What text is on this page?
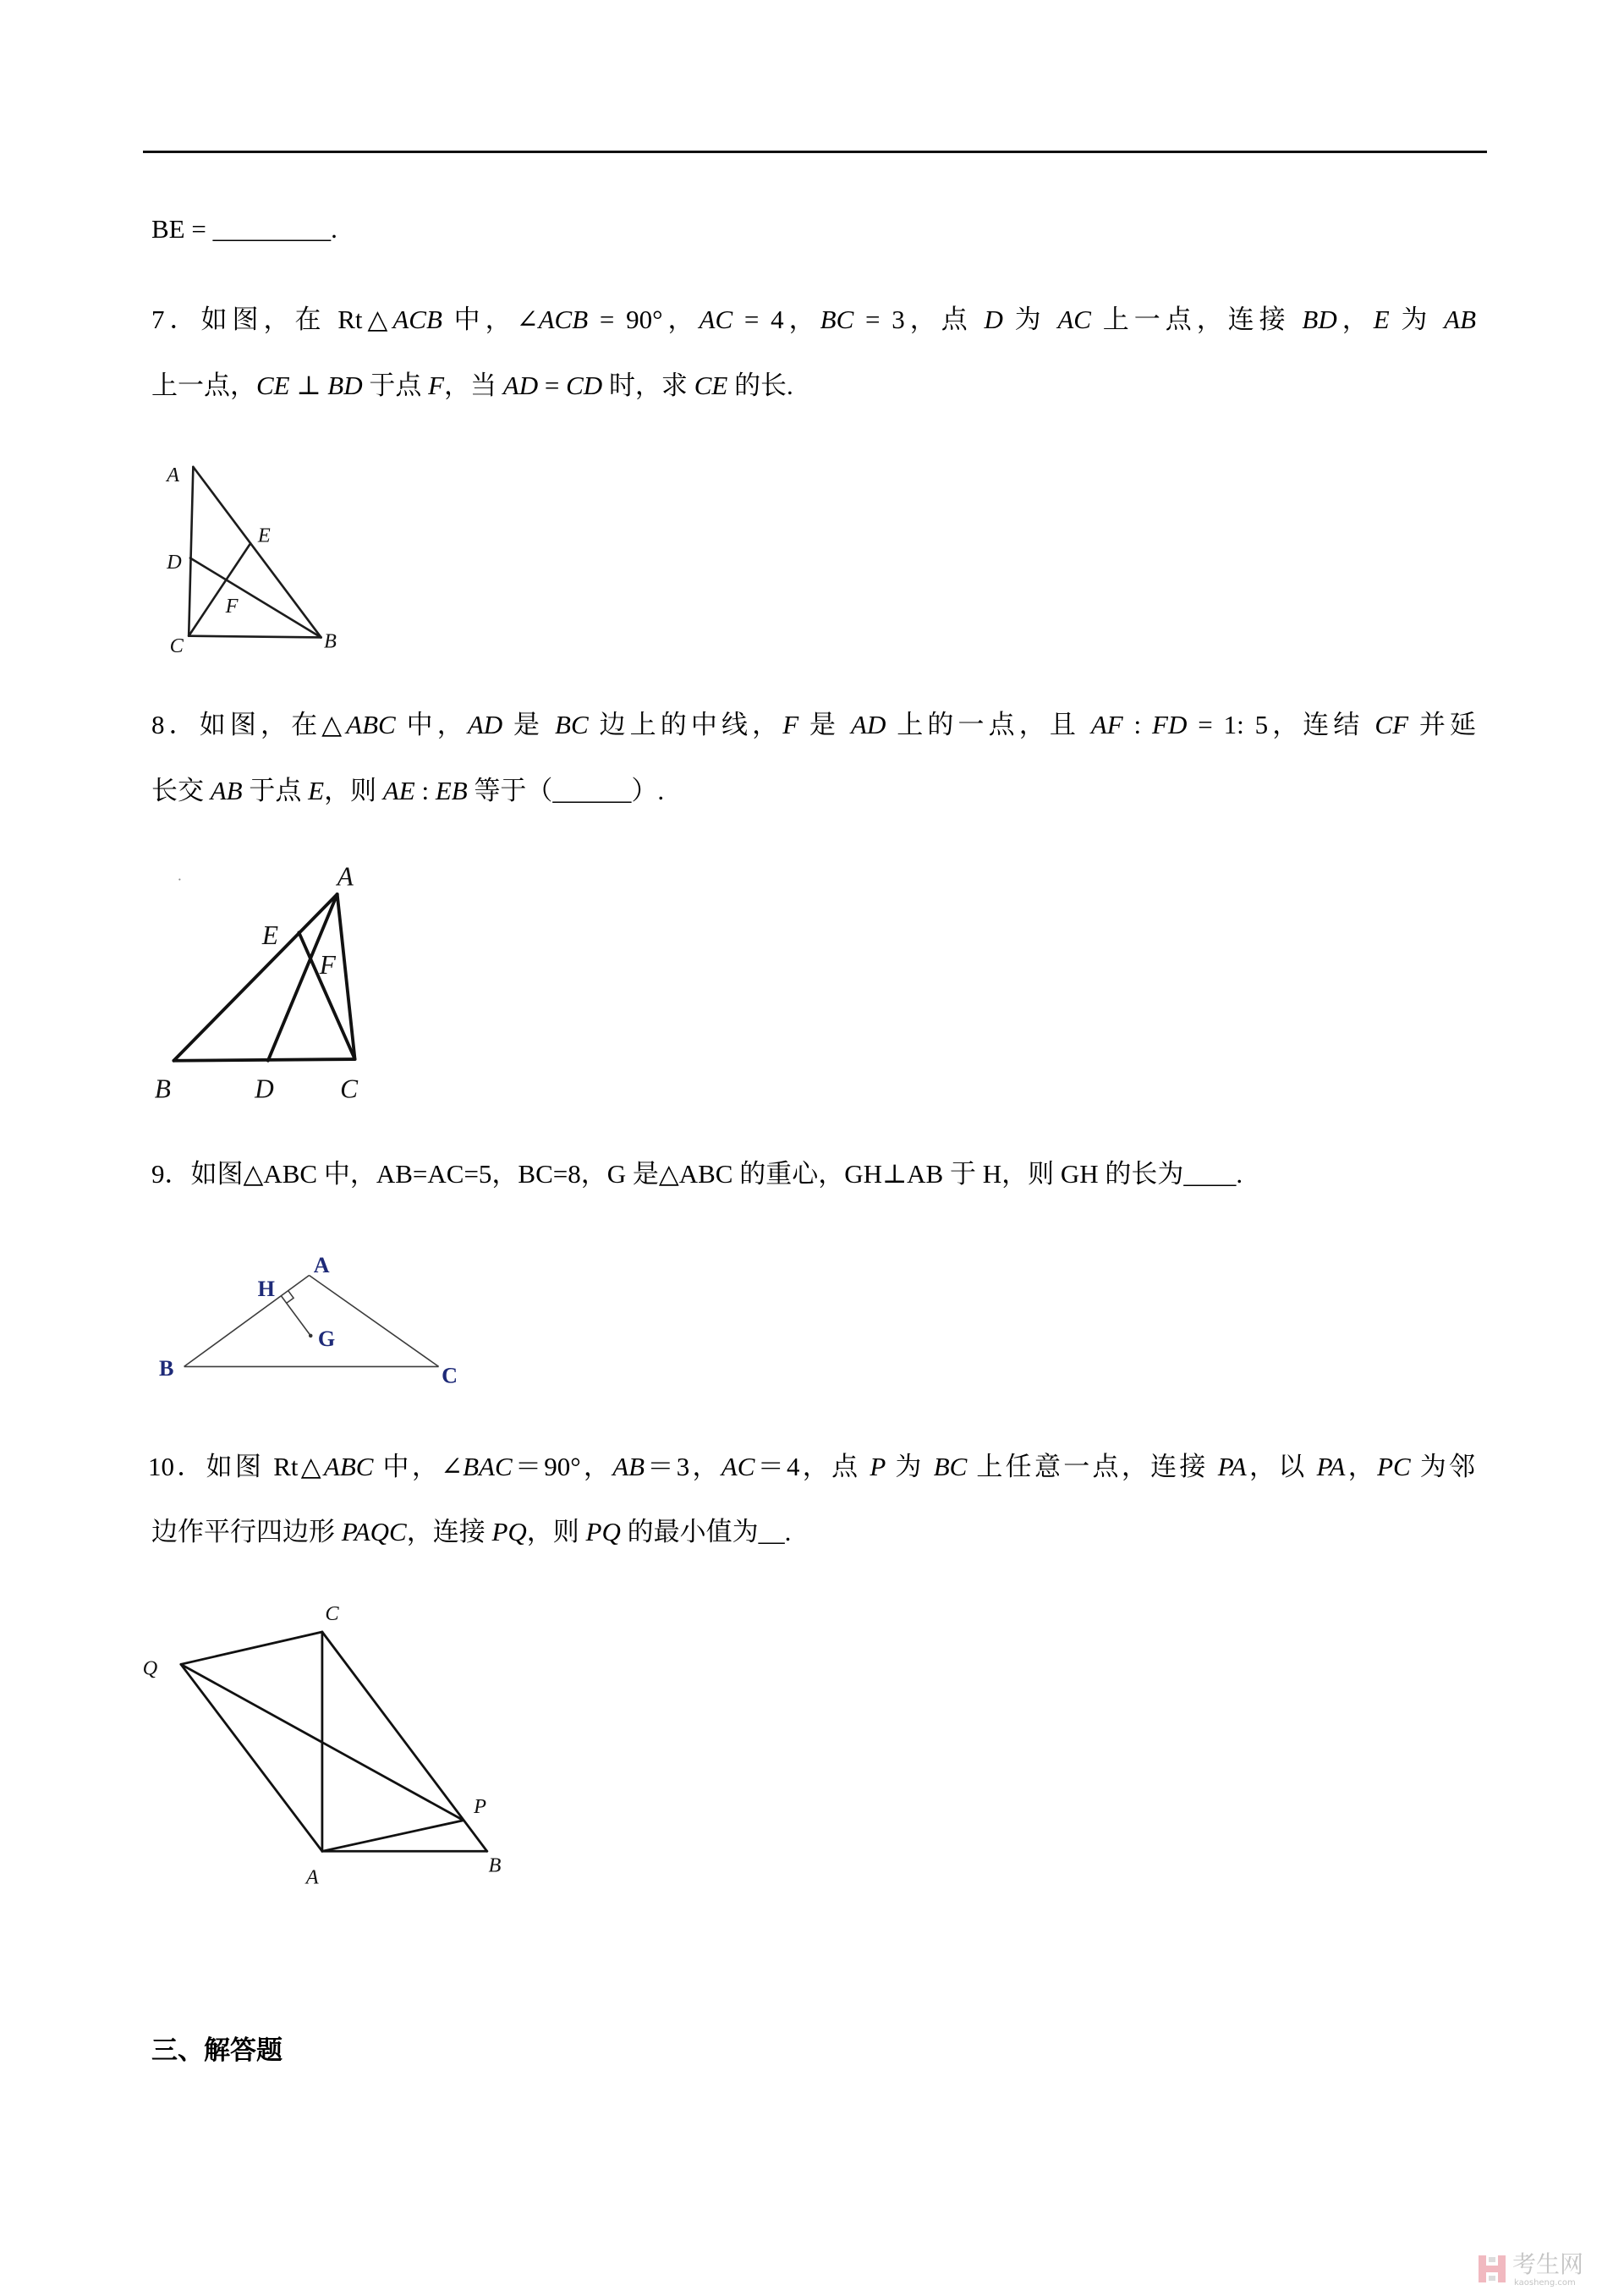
BE = _________.
7．如图，在 Rt△ACB 中，∠ACB = 90°，AC = 4，BC = 3，点 D 为 AC 上一点，连接 BD，E 为 AB
上一点，CE ⊥ BD 于点 F，当 AD = CD 时，求 CE 的长.
A
D
E
F
C	B
8．如图，在△ABC 中，AD 是 BC 边上的中线，F 是 AD 上的一点，且 AF : FD = 1: 5，连结 CF 并延
长交 AB 于点 E，则 AE : EB 等于（______）.
A
E
F
B	D	C
9．如图△ABC 中，AB=AC=5，BC=8，G 是△ABC 的重心，GH⊥AB 于 H，则 GH 的长为____.
H
A
G
B	C
10．如图 Rt△ABC 中，∠BAC＝90°，AB＝3，AC＝4，点 P 为 BC 上任意一点，连接 PA，以 PA，PC 为邻
边作平行四边形 PAQC，连接 PQ，则 PQ 的最小值为__.
C
Q
P
A
B
三、解答题
考生网
kaosheng.com
